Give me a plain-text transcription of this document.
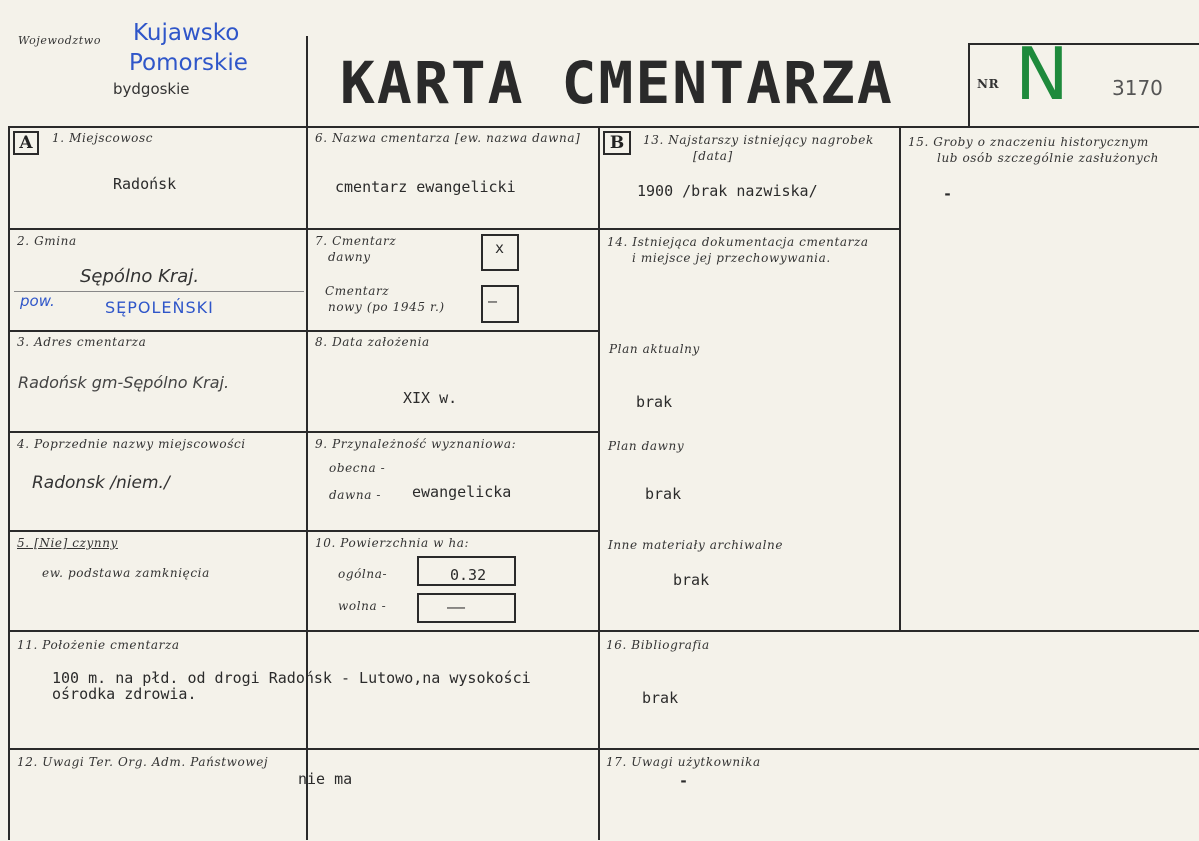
Wojewodztwo Kujawsko
Pomorskie
bydgoskie	KARTA CMENTARZA	NR N 3170
A	B
1. Miejscowosc
Radońsk
2. Gmina
Sępólno Kraj.
pow.	SĘPOLEŃSKI
3. Adres cmentarza
Radońsk gm-Sępólno Kraj.
4. Poprzednie nazwy miejscowości
Radonsk /niem./
5. [Nie] czynny
ew. podstawa zamknięcia
6. Nazwa cmentarza [ew. nazwa dawna]
cmentarz ewangelicki
7. Cmentarz
dawny	x
Cmentarz
nowy (po 1945 r.)	—
8. Data założenia
XIX w.
9. Przynależność wyznaniowa:
obecna -
dawna - ewangelicka
10. Powierzchnia w ha:
ogólna-	0.32
wolna -	——
11. Położenie cmentarza
100 m. na płd. od drogi Radońsk - Lutowo,na wysokości
ośrodka zdrowia.
12. Uwagi Ter. Org. Adm. Państwowej
nie ma
13. Najstarszy istniejący nagrobek
[data]
1900 /brak nazwiska/
14. Istniejąca dokumentacja cmentarza
i miejsce jej przechowywania.
Plan aktualny
brak
Plan dawny
brak
Inne materiały archiwalne
brak
15. Groby o znaczeniu historycznym
lub osób szczególnie zasłużonych
-
16. Bibliografia
brak
17. Uwagi użytkownika
-
